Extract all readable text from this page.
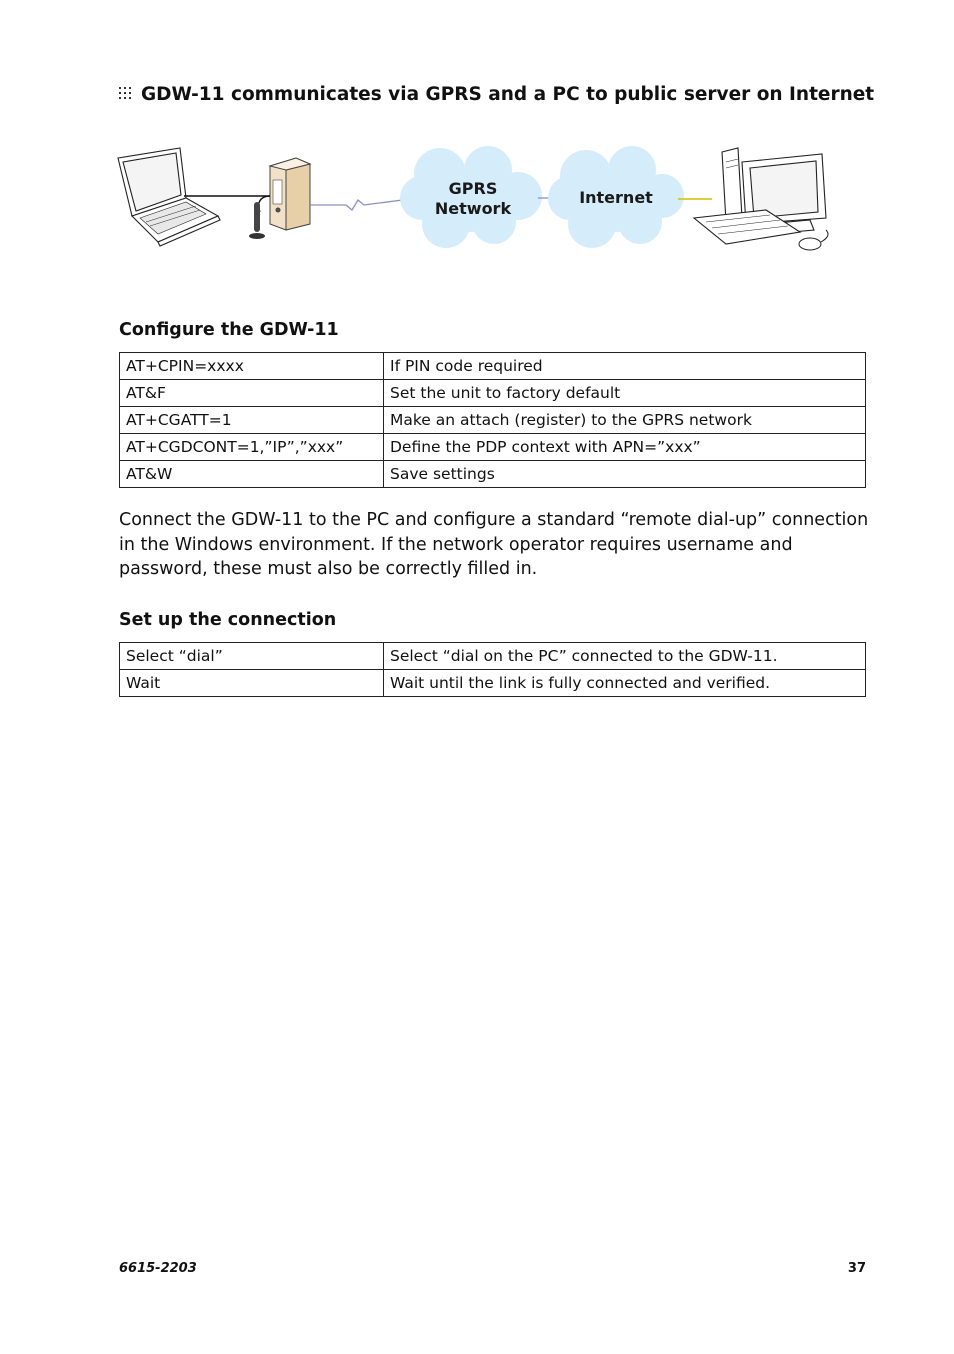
GDW-11 communicates via GPRS and a PC to public server on Internet
GPRS
Network
Internet
Configure the GDW-11
AT+CPIN=xxxx	If PIN code required
AT&F	Set the unit to factory default
AT+CGATT=1	Make an attach (register) to the GPRS network
AT+CGDCONT=1,”IP”,”xxx”	Define the PDP context with APN=”xxx”
AT&W	Save settings

Connect the GDW-11 to the PC and configure a standard “remote dial-up” connection in the Windows environment. If the network operator requires username and password, these must also be correctly filled in.

Set up the connection
Select “dial”	Select “dial on the PC” connected to the GDW-11.
Wait	Wait until the link is fully connected and verified.
6615-2203	37
